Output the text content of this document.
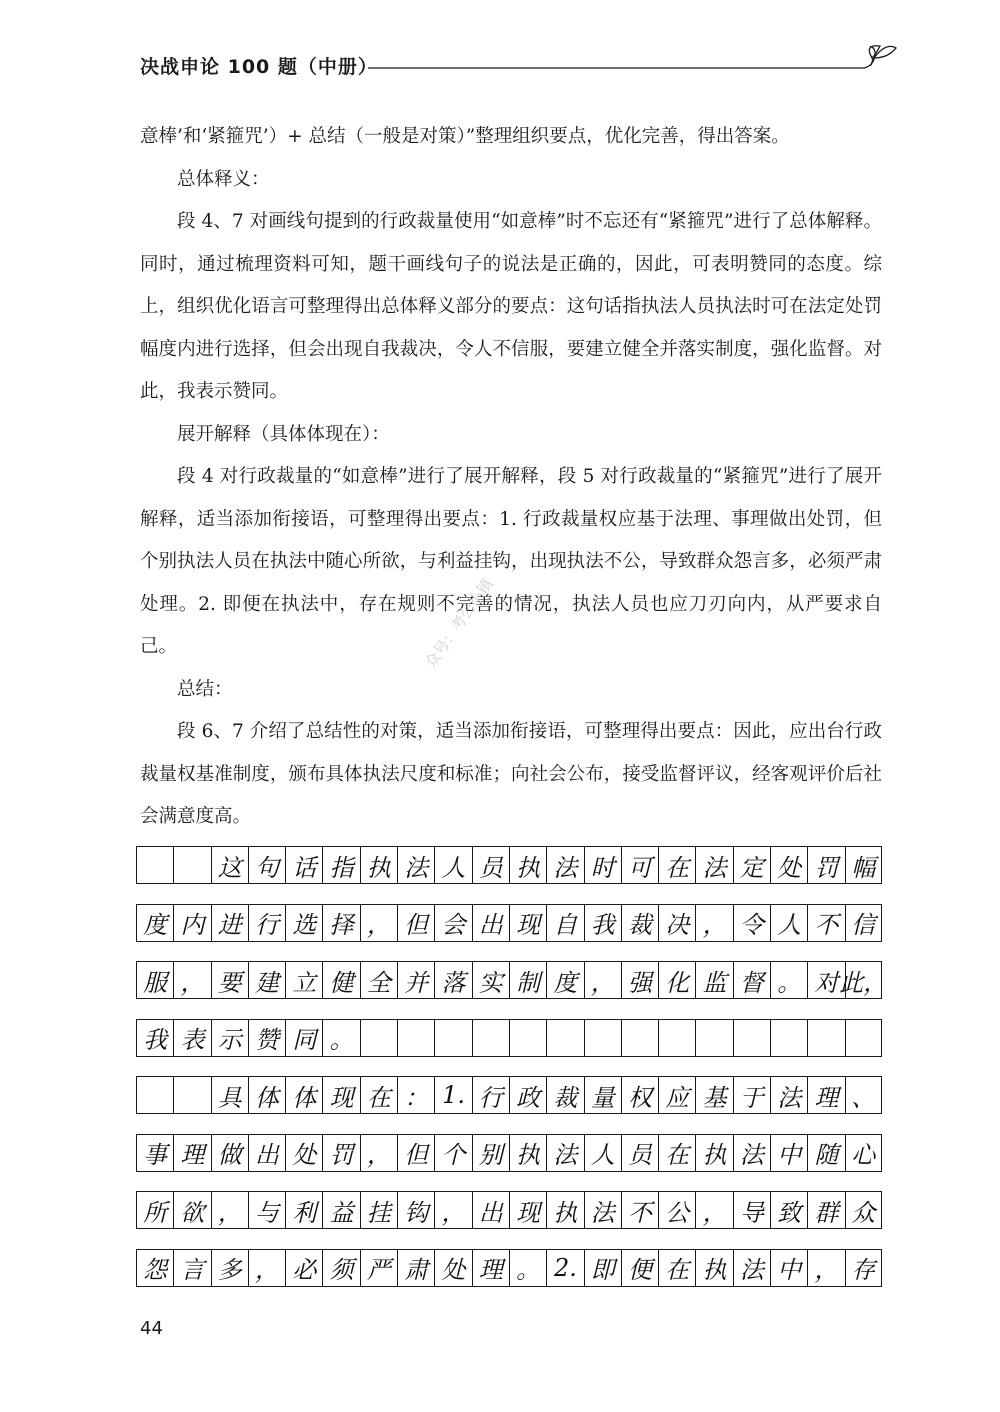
决战申论 100 题（中册）

意棒’和‘紧箍咒’）+ 总结（一般是对策）”整理组织要点，优化完善，得出答案。

总体释义：

段 4、7 对画线句提到的行政裁量使用“如意棒”时不忘还有“紧箍咒”进行了总体解释。同时，通过梳理资料可知，题干画线句子的说法是正确的，因此，可表明赞同的态度。综上，组织优化语言可整理得出总体释义部分的要点：这句话指执法人员执法时可在法定处罚幅度内进行选择，但会出现自我裁决，令人不信服，要建立健全并落实制度，强化监督。对此，我表示赞同。

展开解释（具体体现在）：

段 4 对行政裁量的“如意棒”进行了展开解释，段 5 对行政裁量的“紧箍咒”进行了展开解释，适当添加衔接语，可整理得出要点：1. 行政裁量权应基于法理、事理做出处罚，但个别执法人员在执法中随心所欲，与利益挂钩，出现执法不公，导致群众怨言多，必须严肃处理。2. 即便在执法中，存在规则不完善的情况，执法人员也应刀刃向内，从严要求自己。

总结：

段 6、7 介绍了总结性的对策，适当添加衔接语，可整理得出要点：因此，应出台行政裁量权基准制度，颁布具体执法尺度和标准；向社会公布，接受监督评议，经客观评价后社会满意度高。

众号：考公小镇
这 句 话 指 执 法 人 员 执 法 时 可 在 法 定 处 罚 幅
度 内 进 行 选 择 ， 但 会 出 现 自 我 裁 决 ， 令 人 不 信
服 ， 要 建 立 健 全 并 落 实 制 度 ， 强 化 监 督 。 对 此，
我 表 示 赞 同 。
具 体 体 现 在 ： 1. 行 政 裁 量 权 应 基 于 法 理 、
事 理 做 出 处 罚 ， 但 个 别 执 法 人 员 在 执 法 中 随 心
所 欲 ， 与 利 益 挂 钩 ， 出 现 执 法 不 公 ， 导 致 群 众
怨 言 多 ， 必 须 严 肃 处 理 。 2. 即 便 在 执 法 中 ， 存
44
